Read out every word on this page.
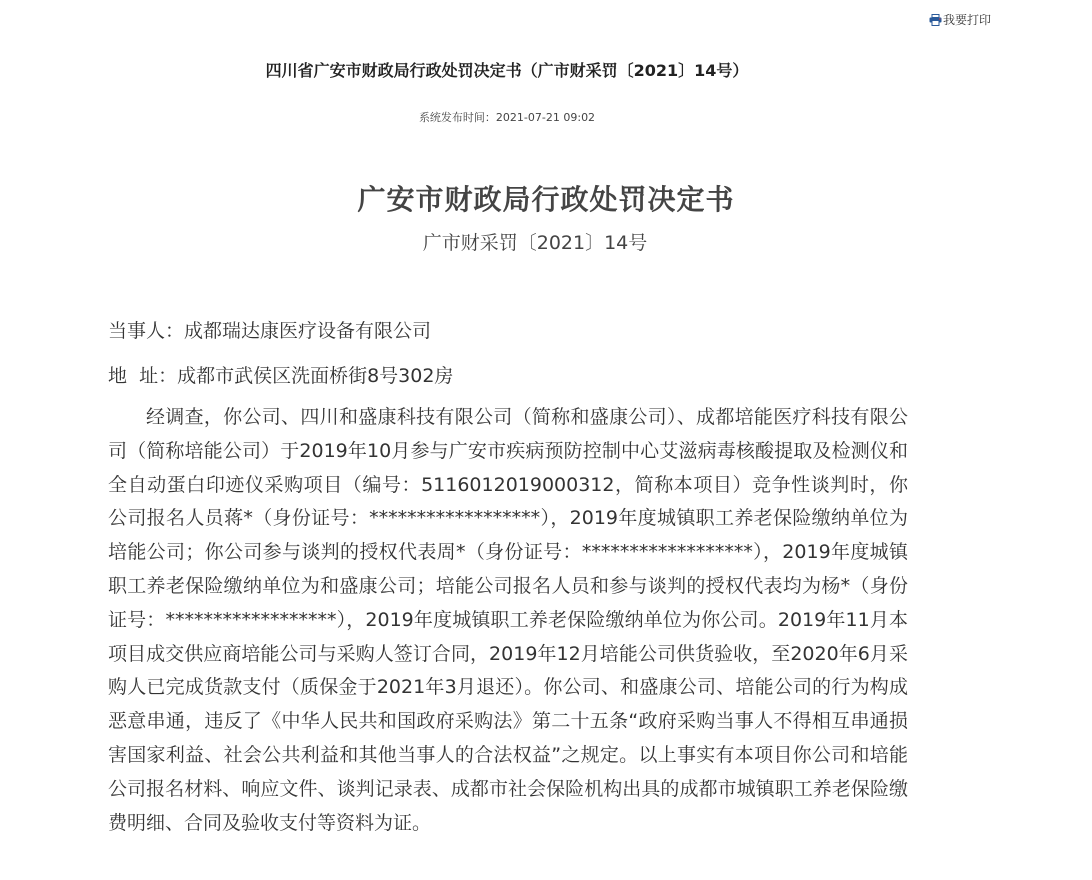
我要打印
四川省广安市财政局行政处罚决定书（广市财采罚〔2021〕14号）
系统发布时间：2021-07-21 09:02
广安市财政局行政处罚决定书
广市财采罚〔2021〕14号
当事人：成都瑞达康医疗设备有限公司
地  址：成都市武侯区洗面桥街8号302房

经调查，你公司、四川和盛康科技有限公司（简称和盛康公司）、成都培能医疗科技有限公司（简称培能公司）于2019年10月参与广安市疾病预防控制中心艾滋病毒核酸提取及检测仪和全自动蛋白印迹仪采购项目（编号：5116012019000312，简称本项目）竞争性谈判时，你公司报名人员蒋*（身份证号：******************），2019年度城镇职工养老保险缴纳单位为培能公司；你公司参与谈判的授权代表周*（身份证号：******************），2019年度城镇职工养老保险缴纳单位为和盛康公司；培能公司报名人员和参与谈判的授权代表均为杨*（身份证号：******************），2019年度城镇职工养老保险缴纳单位为你公司。2019年11月本项目成交供应商培能公司与采购人签订合同，2019年12月培能公司供货验收，至2020年6月采购人已完成货款支付（质保金于2021年3月退还）。你公司、和盛康公司、培能公司的行为构成恶意串通，违反了《中华人民共和国政府采购法》第二十五条“政府采购当事人不得相互串通损害国家利益、社会公共利益和其他当事人的合法权益”之规定。以上事实有本项目你公司和培能公司报名材料、响应文件、谈判记录表、成都市社会保险机构出具的成都市城镇职工养老保险缴费明细、合同及验收支付等资料为证。
